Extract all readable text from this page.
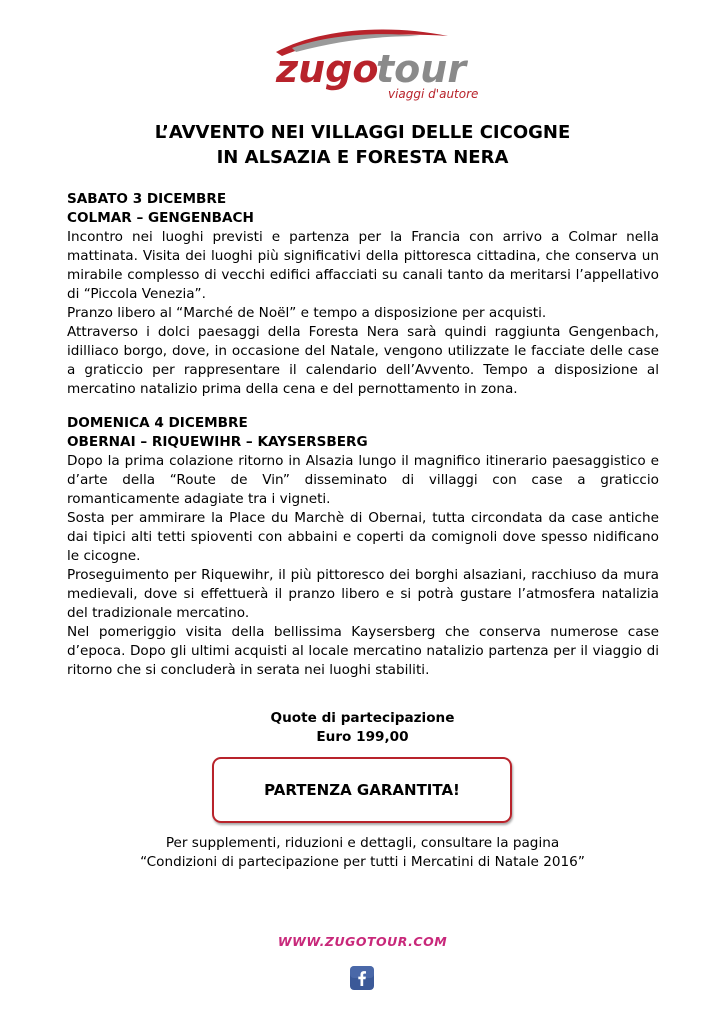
zugo
tour
viaggi d'autore
L’AVVENTO NEI VILLAGGI DELLE CICOGNE
IN ALSAZIA E FORESTA NERA
SABATO 3 DICEMBRE
COLMAR – GENGENBACH

Incontro nei luoghi previsti e partenza per la Francia con arrivo a Colmar nella mattinata. Visita dei luoghi più significativi della pittoresca cittadina, che conserva un mirabile complesso di vecchi edifici affacciati su canali tanto da meritarsi l’appellativo di “Piccola Venezia”.

Pranzo libero al “Marché de Noël” e tempo a disposizione per acquisti.

Attraverso i dolci paesaggi della Foresta Nera sarà quindi raggiunta Gengenbach, idilliaco borgo, dove, in occasione del Natale, vengono utilizzate le facciate delle case a graticcio per rappresentare il calendario dell’Avvento. Tempo a disposizione al mercatino natalizio prima della cena e del pernottamento in zona.

DOMENICA 4 DICEMBRE
OBERNAI – RIQUEWIHR – KAYSERSBERG

Dopo la prima colazione ritorno in Alsazia lungo il magnifico itinerario paesaggistico e d’arte della “Route de Vin” disseminato di villaggi con case a graticcio romanticamente adagiate tra i vigneti.

Sosta per ammirare la Place du Marchè di Obernai, tutta circondata da case antiche dai tipici alti tetti spioventi con abbaini e coperti da comignoli dove spesso nidificano le cicogne.

Proseguimento per Riquewihr, il più pittoresco dei borghi alsaziani, racchiuso da mura medievali, dove si effettuerà il pranzo libero e si potrà gustare l’atmosfera natalizia del tradizionale mercatino.

Nel pomeriggio visita della bellissima Kaysersberg che conserva numerose case d’epoca. Dopo gli ultimi acquisti al locale mercatino natalizio partenza per il viaggio di ritorno che si concluderà in serata nei luoghi stabiliti.

Quote di partecipazione
Euro 199,00
PARTENZA GARANTITA!
Per supplementi, riduzioni e dettagli, consultare la pagina
“Condizioni di partecipazione per tutti i Mercatini di Natale 2016”
WWW.ZUGOTOUR.COM
